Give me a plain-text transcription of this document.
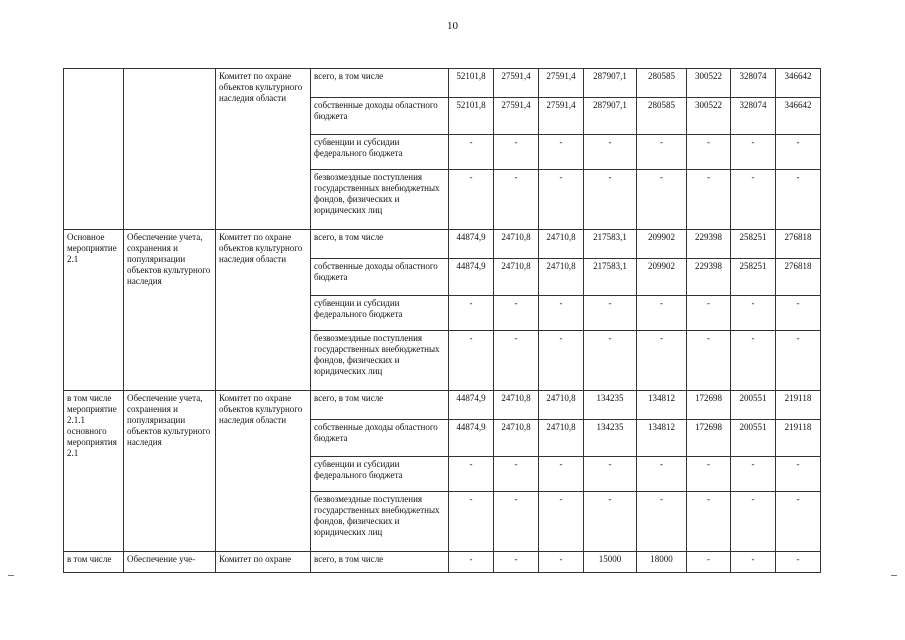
10
		Комитет по охране объектов культурного наследия области	всего, в том числе	52101,8	27591,4	27591,4	287907,1	280585	300522	328074	346642
			собственные доходы областного бюджета	52101,8	27591,4	27591,4	287907,1	280585	300522	328074	346642
			субвенции и субсидии федерального бюджета	-	-	-	-	-	-	-	-
			безвозмездные поступления государственных внебюджетных фондов, физических и юридических лиц	-	-	-	-	-	-	-	-
Основное мероприятие 2.1	Обеспечение учета, сохранения и популяризации объектов культурного наследия	Комитет по охране объектов культурного наследия области	всего, в том числе	44874,9	24710,8	24710,8	217583,1	209902	229398	258251	276818
			собственные доходы областного бюджета	44874,9	24710,8	24710,8	217583,1	209902	229398	258251	276818
			субвенции и субсидии федерального бюджета	-	-	-	-	-	-	-	-
			безвозмездные поступления государственных внебюджетных фондов, физических и юридических лиц	-	-	-	-	-	-	-	-
в том числе мероприятие 2.1.1 основного мероприятия 2.1	Обеспечение учета, сохранения и популяризации объектов культурного наследия	Комитет по охране объектов культурного наследия области	всего, в том числе	44874,9	24710,8	24710,8	134235	134812	172698	200551	219118
			собственные доходы областного бюджета	44874,9	24710,8	24710,8	134235	134812	172698	200551	219118
			субвенции и субсидии федерального бюджета	-	-	-	-	-	-	-	-
			безвозмездные поступления государственных внебюджетных фондов, физических и юридических лиц	-	-	-	-	-	-	-	-
в том числе	Обеспечение уче-	Комитет по охране	всего, в том числе	-	-	-	15000	18000	-	-	-
